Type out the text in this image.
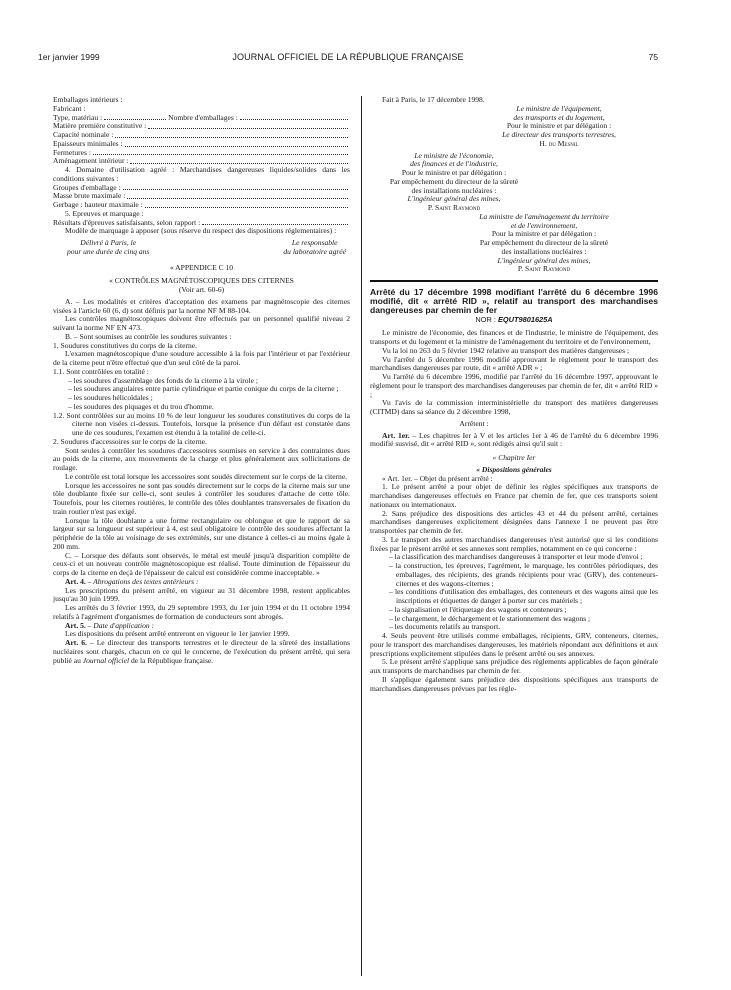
1er janvier 1999	JOURNAL OFFICIEL DE LA RÉPUBLIQUE FRANÇAISE	75
Emballages intérieurs :
Fabricant :
Type, matériau :	Nombre d'emballages :
Matière première constitutive :
Capacité nominale :
Epaisseurs minimales :
Fermetures :
Aménagement intérieur :

4. Domaine d'utilisation agréé : Marchandises dangereuses liquides/solides dans les conditions suivantes :

Groupes d'emballage :
Masse brute maximale :
Gerbage : hauteur maximale :

5. Epreuves et marquage :

Résultats d'épreuves satisfaisants, selon rapport :

Modèle de marquage à apposer (sous réserve du respect des dispositions réglementaires) :

Délivré à Paris, le
pour une durée de cinq ans
Le responsable
du laboratoire agréé

« APPENDICE C 10

« CONTRÔLES MAGNÉTOSCOPIQUES DES CITERNES

(Voir art. 60-6)

A. – Les modalités et critères d'acceptation des examens par magnétoscopie des citernes visées à l'article 60 (6, d) sont définis par la norme NF M 88-104.

Les contrôles magnétoscopiques doivent être effectués par un personnel qualifié niveau 2 suivant la norme NF EN 473.

B. – Sont soumises au contrôle les soudures suivantes :

1. Soudures constitutives du corps de la citerne.

L'examen magnétoscopique d'une soudure accessible à la fois par l'intérieur et par l'extérieur de la citerne peut n'être effectué que d'un seul côté de la paroi.

1.1. Sont contrôlées en totalité :

– les soudures d'assemblage des fonds de la citerne à la virole ;

– les soudures angulaires entre partie cylindrique et partie conique du corps de la citerne ;

– les soudures hélicoïdales ;

– les soudures des piquages et du trou d'homme.

1.2. Sont contrôlées sur au moins 10 % de leur longueur les soudures constitutives du corps de la citerne non visées ci-dessus. Toutefois, lorsque la présence d'un défaut est constatée dans une de ces soudures, l'examen est étendu à la totalité de celle-ci.

2. Soudures d'accessoires sur le corps de la citerne.

Sont seules à contrôler les soudures d'accessoires soumises en service à des contraintes dues au poids de la citerne, aux mouvements de la charge et plus généralement aux sollicitations de roulage.

Le contrôle est total lorsque les accessoires sont soudés directement sur le corps de la citerne.

Lorsque les accessoires ne sont pas soudés directement sur le corps de la citerne mais sur une tôle doublante fixée sur celle-ci, sont seules à contrôler les soudures d'attache de cette tôle. Toutefois, pour les citernes routières, le contrôle des tôles doublantes transversales de fixation du train routier n'est pas exigé.

Lorsque la tôle doublante a une forme rectangulaire ou oblongue et que le rapport de sa largeur sur sa longueur est supérieur à 4, est seul obligatoire le contrôle des soudures affectant la périphérie de la tôle au voisinage de ses extrémités, sur une distance à celles-ci au moins égale à 200 mm.

C. – Lorsque des défauts sont observés, le métal est meulé jusqu'à disparition complète de ceux-ci et un nouveau contrôle magnétoscopique est réalisé. Toute diminution de l'épaisseur du corps de la citerne en deçà de l'épaisseur de calcul est considérée comme inacceptable. »

Art. 4. – Abrogations des textes antérieurs :

Les prescriptions du présent arrêté, en vigueur au 31 décembre 1998, restent applicables jusqu'au 30 juin 1999.

Les arrêtés du 3 février 1993, du 29 septembre 1993, du 1er juin 1994 et du 11 octobre 1994 relatifs à l'agrément d'organismes de formation de conducteurs sont abrogés.

Art. 5. – Date d'application :

Les dispositions du présent arrêté entreront en vigueur le 1er janvier 1999.

Art. 6. – Le directeur des transports terrestres et le directeur de la sûreté des installations nucléaires sont chargés, chacun en ce qui le concerne, de l'exécution du présent arrêté, qui sera publié au Journal officiel de la République française.

Fait à Paris, le 17 décembre 1998.

Le ministre de l'équipement,
des transports et du logement,
Pour le ministre et par délégation :
Le directeur des transports terrestres,
H. du Mesnil
Le ministre de l'économie,
des finances et de l'industrie,
Pour le ministre et par délégation :
Par empêchement du directeur de la sûreté
des installations nucléaires :
L'ingénieur général des mines,
P. Saint Raymond
La ministre de l'aménagement du territoire
et de l'environnement,
Pour la ministre et par délégation :
Par empêchement du directeur de la sûreté
des installations nucléaires :
L'ingénieur général des mines,
P. Saint Raymond

Arrêté du 17 décembre 1998 modifiant l'arrêté du 6 décembre 1996 modifié, dit « arrêté RID », relatif au transport des marchandises dangereuses par chemin de fer

NOR : EQUT9801625A

Le ministre de l'économie, des finances et de l'industrie, le ministre de l'équipement, des transports et du logement et la ministre de l'aménagement du territoire et de l'environnement,

Vu la loi no 263 du 5 février 1942 relative au transport des matières dangereuses ;

Vu l'arrêté du 5 décembre 1996 modifié approuvant le règlement pour le transport des marchandises dangereuses par route, dit « arrêté ADR » ;

Vu l'arrêté du 6 décembre 1996, modifié par l'arrêté du 16 décembre 1997, approuvant le règlement pour le transport des marchandises dangereuses par chemin de fer, dit « arrêté RID » ;

Vu l'avis de la commission interministérielle du transport des matières dangereuses (CITMD) dans sa séance du 2 décembre 1998,

Arrêtent :

Art. 1er. – Les chapitres Ier à V et les articles 1er à 46 de l'arrêté du 6 décembre 1996 modifié susvisé, dit « arrêté RID », sont rédigés ainsi qu'il suit :

« Chapitre Ier

« Dispositions générales

« Art. 1er. – Objet du présent arrêté :

1. Le présent arrêté a pour objet de définir les règles spécifiques aux transports de marchandises dangereuses effectués en France par chemin de fer, que ces transports soient nationaux ou internationaux.

2. Sans préjudice des dispositions des articles 43 et 44 du présent arrêté, certaines marchandises dangereuses explicitement désignées dans l'annexe I ne peuvent pas être transportées par chemin de fer.

3. Le transport des autres marchandises dangereuses n'est autorisé que si les conditions fixées par le présent arrêté et ses annexes sont remplies, notamment en ce qui concerne :

– la classification des marchandises dangereuses à transporter et leur mode d'envoi ;

– la construction, les épreuves, l'agrément, le marquage, les contrôles périodiques, des emballages, des récipients, des grands récipients pour vrac (GRV), des conteneurs-citernes et des wagons-citernes ;

– les conditions d'utilisation des emballages, des conteneurs et des wagons ainsi que les inscriptions et étiquettes de danger à porter sur ces matériels ;

– la signalisation et l'étiquetage des wagons et conteneurs ;

– le chargement, le déchargement et le stationnement des wagons ;

– les documents relatifs au transport.

4. Seuls peuvent être utilisés comme emballages, récipients, GRV, conteneurs, citernes, pour le transport des marchandises dangereuses, les matériels répondant aux définitions et aux prescriptions explicitement stipulées dans le présent arrêté ou ses annexes.

5. Le présent arrêté s'applique sans préjudice des règlements applicables de façon générale aux transports de marchandises par chemin de fer.

Il s'applique également sans préjudice des dispositions spécifiques aux transports de marchandises dangereuses prévues par les règle-
